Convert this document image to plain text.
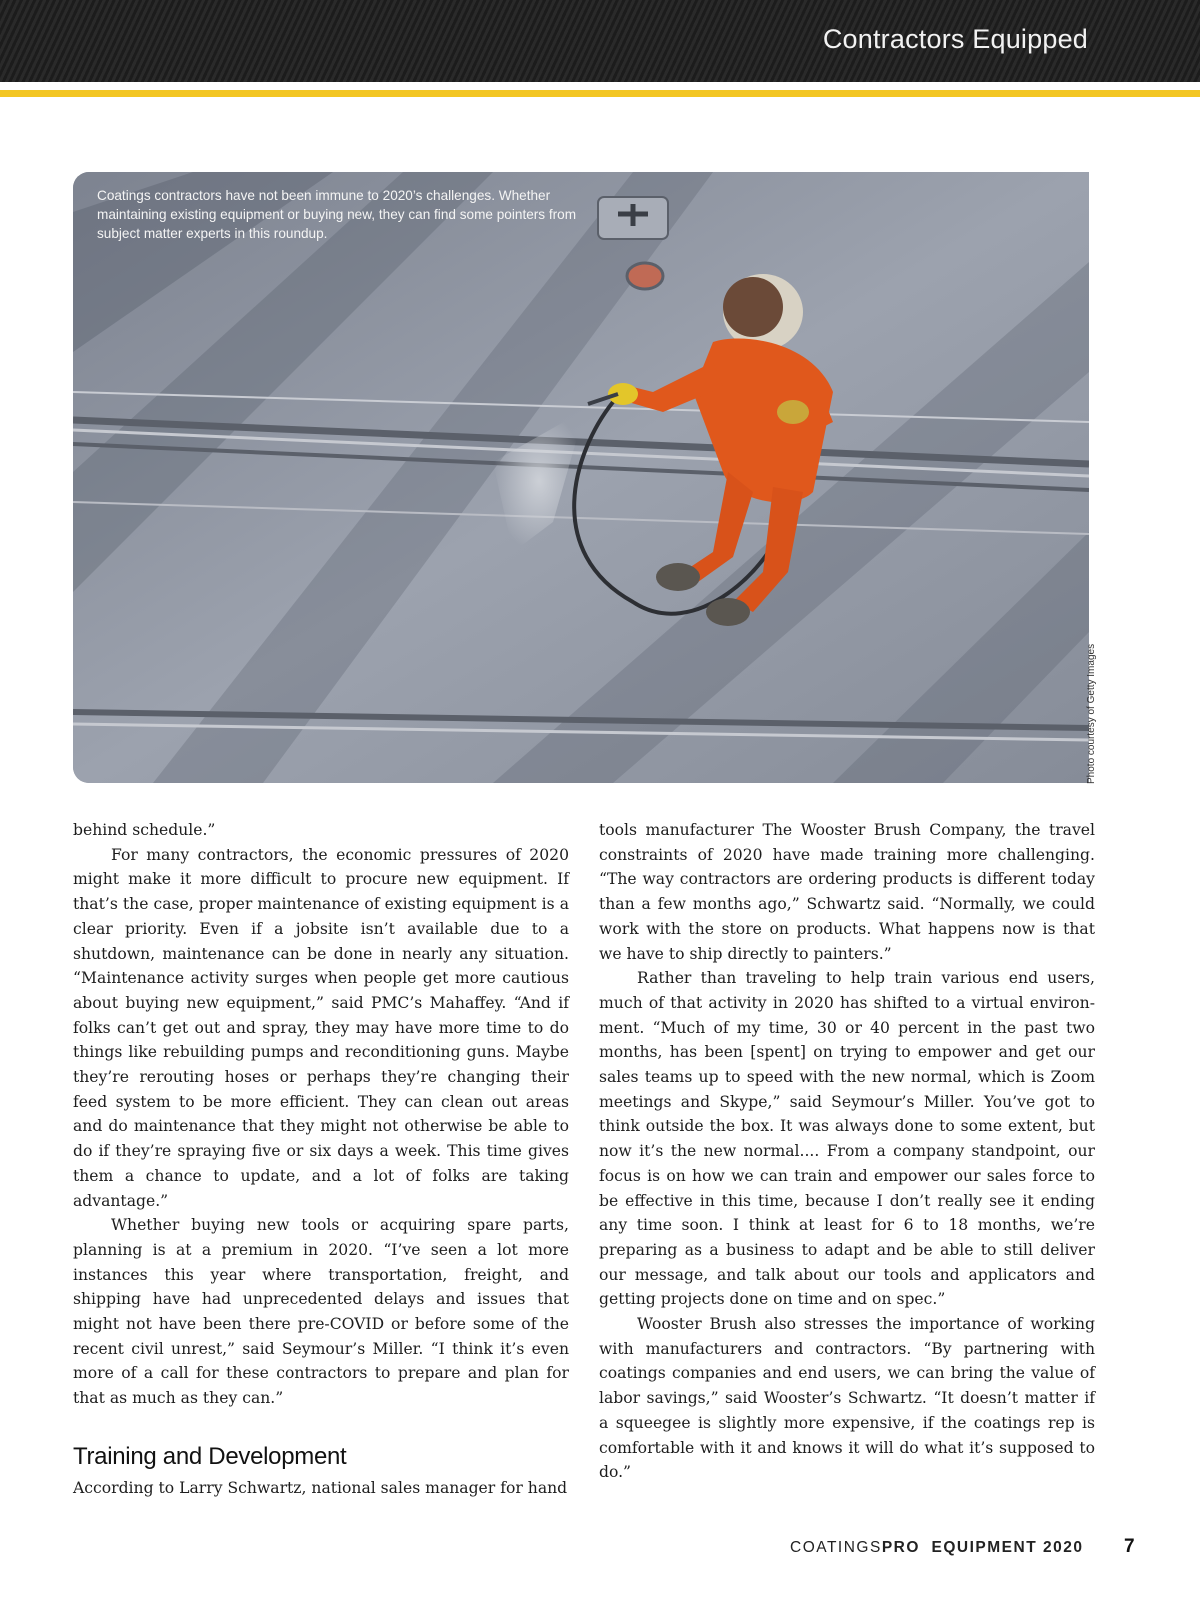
Contractors Equipped
Coatings contractors have not been immune to 2020’s challenges. Whether maintaining existing equipment or buying new, they can find some pointers from subject matter experts in this roundup.
Photo courtesy of Getty Images

behind schedule.”

For many contractors, the economic pressures of 2020 might make it more difficult to procure new equipment. If that’s the case, proper maintenance of existing equipment is a clear priority. Even if a jobsite isn’t available due to a shutdown, maintenance can be done in nearly any situation. “Maintenance activity surges when people get more cautious about buying new equipment,” said PMC’s Mahaffey. “And if folks can’t get out and spray, they may have more time to do things like rebuilding pumps and reconditioning guns. Maybe they’re rerouting hoses or perhaps they’re changing their feed system to be more efficient. They can clean out areas and do maintenance that they might not otherwise be able to do if they’re spraying five or six days a week. This time gives them a chance to update, and a lot of folks are taking advantage.”

Whether buying new tools or acquiring spare parts, planning is at a premium in 2020. “I’ve seen a lot more instances this year where transportation, freight, and shipping have had unprecedented delays and issues that might not have been there pre-COVID or before some of the recent civil unrest,” said Seymour’s Miller. “I think it’s even more of a call for these contractors to prepare and plan for that as much as they can.”

Training and Development

According to Larry Schwartz, national sales manager for hand

tools manufacturer The Wooster Brush Company, the travel constraints of 2020 have made training more challenging. “The way contractors are ordering products is different today than a few months ago,” Schwartz said. “Normally, we could work with the store on products. What happens now is that we have to ship directly to painters.”

Rather than traveling to help train various end users, much of that activity in 2020 has shifted to a virtual environ-ment. “Much of my time, 30 or 40 percent in the past two months, has been [spent] on trying to empower and get our sales teams up to speed with the new normal, which is Zoom meetings and Skype,” said Seymour’s Miller. You’ve got to think outside the box. It was always done to some extent, but now it’s the new normal.... From a company standpoint, our focus is on how we can train and empower our sales force to be effective in this time, because I don’t really see it ending any time soon. I think at least for 6 to 18 months, we’re preparing as a business to adapt and be able to still deliver our message, and talk about our tools and applicators and getting projects done on time and on spec.”

Wooster Brush also stresses the importance of working with manufacturers and contractors. “By partnering with coatings companies and end users, we can bring the value of labor savings,” said Wooster’s Schwartz. “It doesn’t matter if a squeegee is slightly more expensive, if the coatings rep is comfortable with it and knows it will do what it’s supposed to do.”

COATINGSPRO EQUIPMENT 2020	7
